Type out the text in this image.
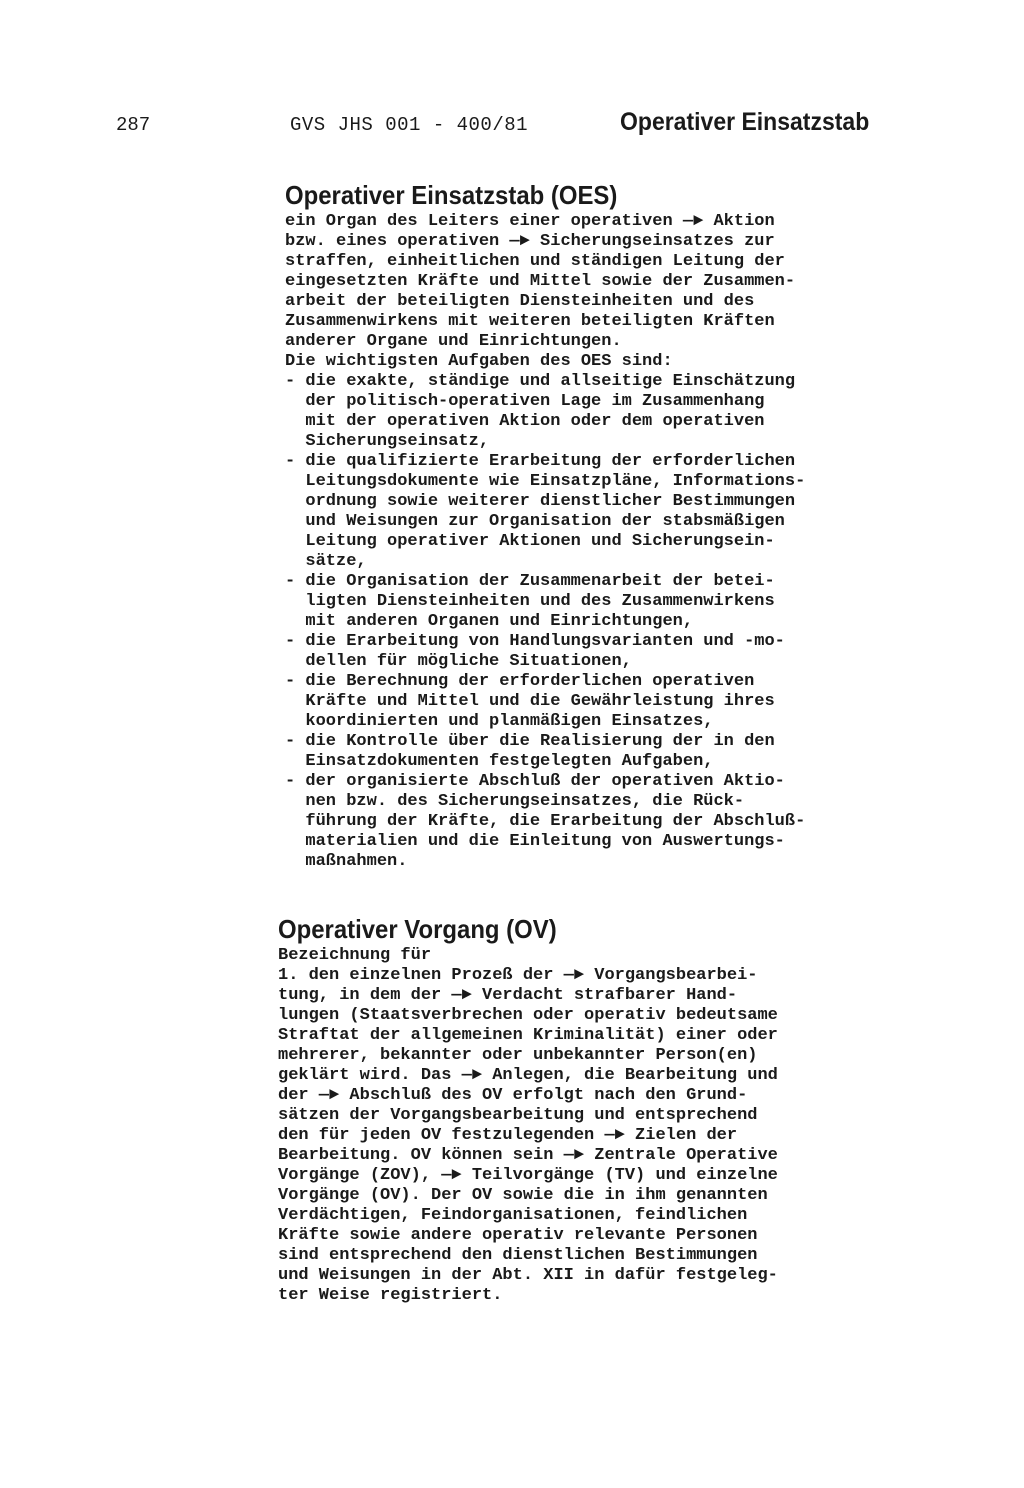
287	GVS JHS 001 - 400/81	Operativer Einsatzstab
Operativer Einsatzstab (OES)

ein Organ des Leiters einer operativen —► Aktion
bzw. eines operativen —► Sicherungseinsatzes zur
straffen, einheitlichen und ständigen Leitung der
eingesetzten Kräfte und Mittel sowie der Zusammen-
arbeit der beteiligten Diensteinheiten und des
Zusammenwirkens mit weiteren beteiligten Kräften
anderer Organe und Einrichtungen.
Die wichtigsten Aufgaben des OES sind:
- die exakte, ständige und allseitige Einschätzung
der politisch-operativen Lage im Zusammenhang
mit der operativen Aktion oder dem operativen
Sicherungseinsatz,
- die qualifizierte Erarbeitung der erforderlichen
Leitungsdokumente wie Einsatzpläne, Informations-
ordnung sowie weiterer dienstlicher Bestimmungen
und Weisungen zur Organisation der stabsmäßigen
Leitung operativer Aktionen und Sicherungsein-
sätze,
- die Organisation der Zusammenarbeit der betei-
ligten Diensteinheiten und des Zusammenwirkens
mit anderen Organen und Einrichtungen,
- die Erarbeitung von Handlungsvarianten und -mo-
dellen für mögliche Situationen,
- die Berechnung der erforderlichen operativen
Kräfte und Mittel und die Gewährleistung ihres
koordinierten und planmäßigen Einsatzes,
- die Kontrolle über die Realisierung der in den
Einsatzdokumenten festgelegten Aufgaben,
- der organisierte Abschluß der operativen Aktio-
nen bzw. des Sicherungseinsatzes, die Rück-
führung der Kräfte, die Erarbeitung der Abschluß-
materialien und die Einleitung von Auswertungs-
maßnahmen.

Operativer Vorgang (OV)

Bezeichnung für
1. den einzelnen Prozeß der —► Vorgangsbearbei-
tung, in dem der —► Verdacht strafbarer Hand-
lungen (Staatsverbrechen oder operativ bedeutsame
Straftat der allgemeinen Kriminalität) einer oder
mehrerer, bekannter oder unbekannter Person(en)
geklärt wird. Das —► Anlegen, die Bearbeitung und
der —► Abschluß des OV erfolgt nach den Grund-
sätzen der Vorgangsbearbeitung und entsprechend
den für jeden OV festzulegenden —► Zielen der
Bearbeitung. OV können sein —► Zentrale Operative
Vorgänge (ZOV), —► Teilvorgänge (TV) und einzelne
Vorgänge (OV). Der OV sowie die in ihm genannten
Verdächtigen, Feindorganisationen, feindlichen
Kräfte sowie andere operativ relevante Personen
sind entsprechend den dienstlichen Bestimmungen
und Weisungen in der Abt. XII in dafür festgeleg-
ter Weise registriert.
